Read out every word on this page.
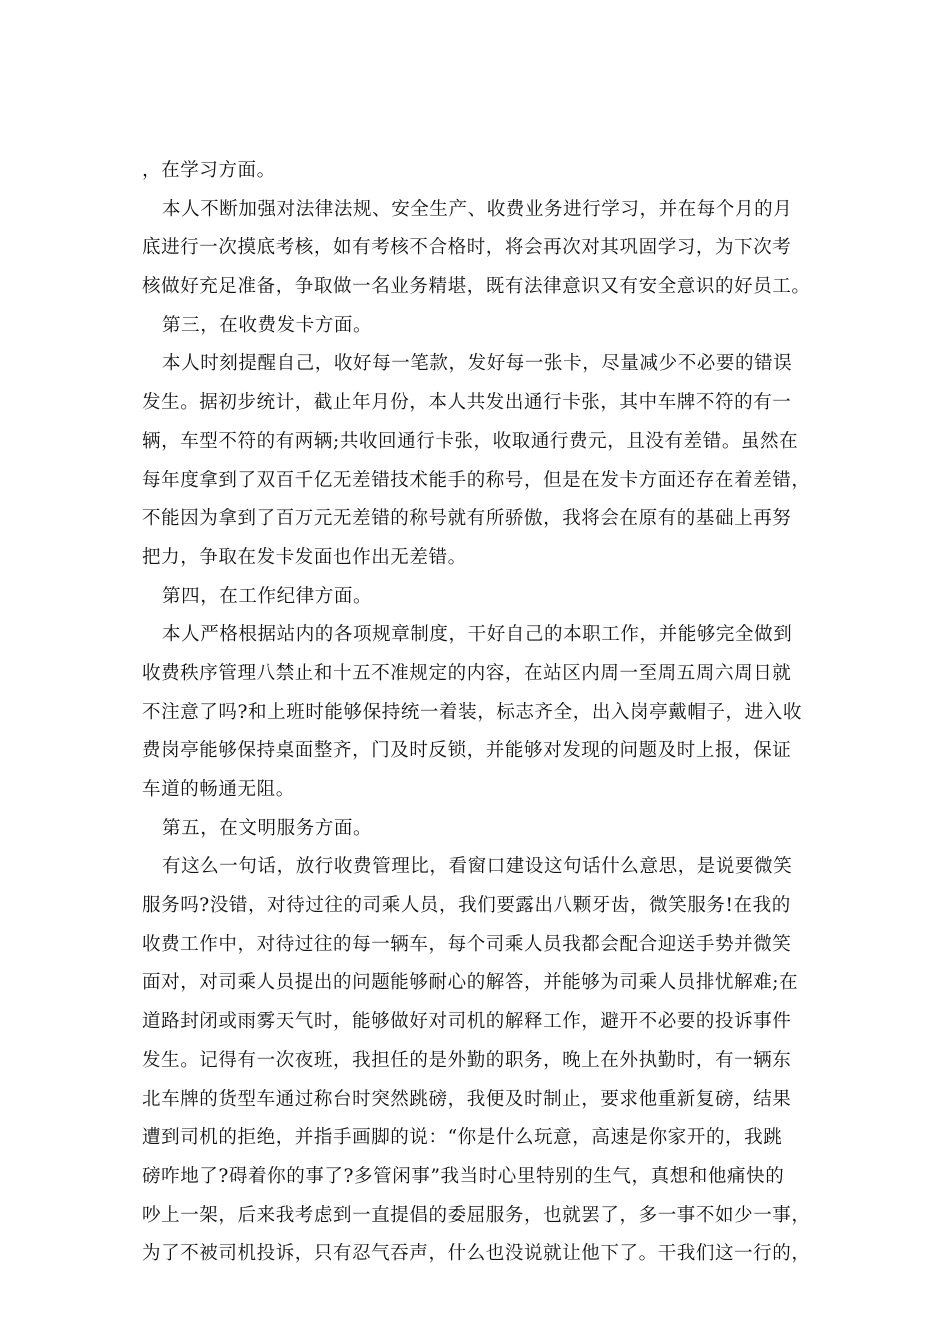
，在学习方面。
本人不断加强对法律法规、安全生产、收费业务进行学习，并在每个月的月
底进行一次摸底考核，如有考核不合格时，将会再次对其巩固学习，为下次考
核做好充足准备，争取做一名业务精堪，既有法律意识又有安全意识的好员工。
第三，在收费发卡方面。
本人时刻提醒自己，收好每一笔款，发好每一张卡，尽量减少不必要的错误
发生。据初步统计，截止年月份，本人共发出通行卡张，其中车牌不符的有一
辆，车型不符的有两辆;共收回通行卡张，收取通行费元，且没有差错。虽然在
每年度拿到了双百千亿无差错技术能手的称号，但是在发卡方面还存在着差错，
不能因为拿到了百万元无差错的称号就有所骄傲，我将会在原有的基础上再努
把力，争取在发卡发面也作出无差错。
第四，在工作纪律方面。
本人严格根据站内的各项规章制度，干好自己的本职工作，并能够完全做到
收费秩序管理八禁止和十五不准规定的内容，在站区内周一至周五周六周日就
不注意了吗?和上班时能够保持统一着装，标志齐全，出入岗亭戴帽子，进入收
费岗亭能够保持桌面整齐，门及时反锁，并能够对发现的问题及时上报，保证
车道的畅通无阻。
第五，在文明服务方面。
有这么一句话，放行收费管理比，看窗口建设这句话什么意思，是说要微笑
服务吗?没错，对待过往的司乘人员，我们要露出八颗牙齿，微笑服务!在我的
收费工作中，对待过往的每一辆车，每个司乘人员我都会配合迎送手势并微笑
面对，对司乘人员提出的问题能够耐心的解答，并能够为司乘人员排忧解难;在
道路封闭或雨雾天气时，能够做好对司机的解释工作，避开不必要的投诉事件
发生。记得有一次夜班，我担任的是外勤的职务，晚上在外执勤时，有一辆东
北车牌的货型车通过称台时突然跳磅，我便及时制止，要求他重新复磅，结果
遭到司机的拒绝，并指手画脚的说：“你是什么玩意，高速是你家开的，我跳
磅咋地了?碍着你的事了?多管闲事”我当时心里特别的生气，真想和他痛快的
吵上一架，后来我考虑到一直提倡的委屈服务，也就罢了，多一事不如少一事，
为了不被司机投诉，只有忍气吞声，什么也没说就让他下了。干我们这一行的，
